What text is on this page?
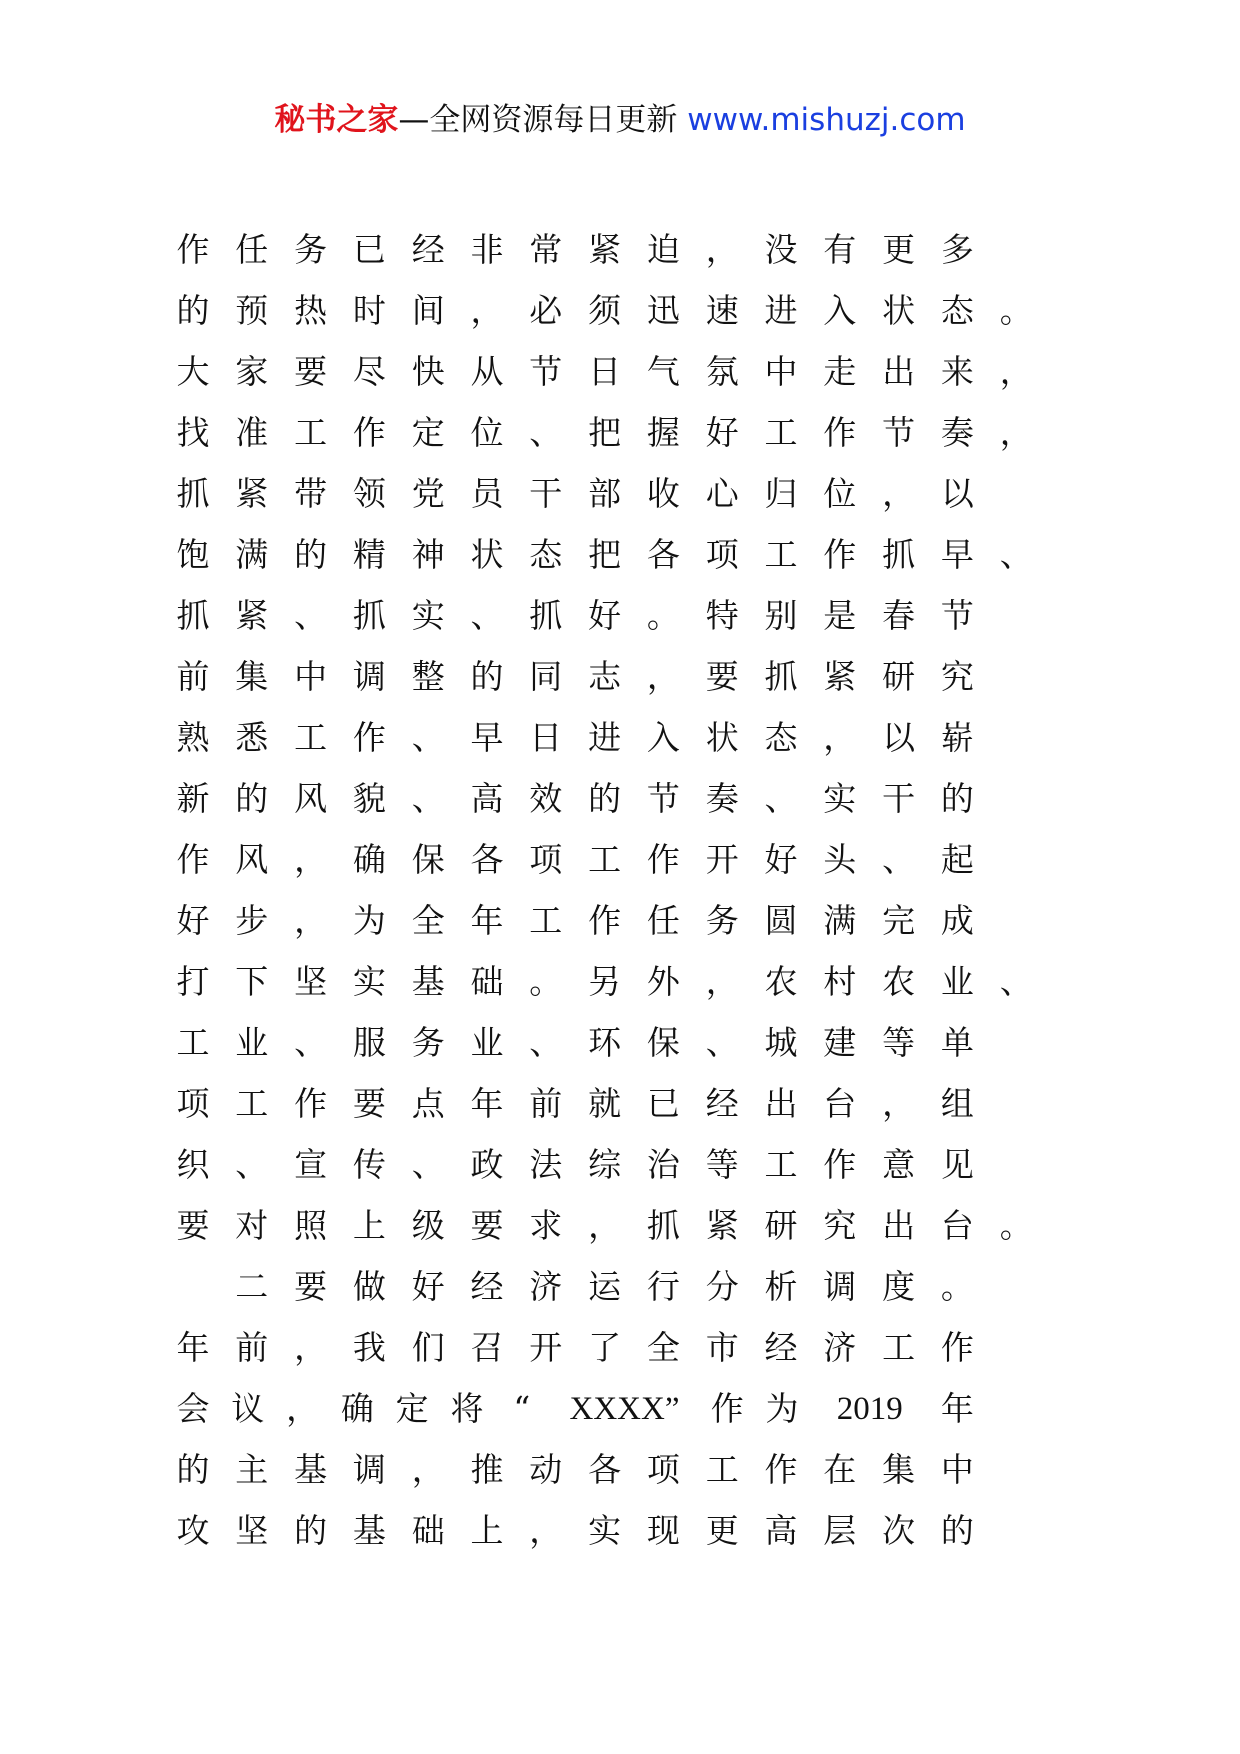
秘书之家—全网资源每日更新 www.mishuzj.com
作 任 务 已 经 非 常 紧 迫 ， 没 有 更 多
的 预 热 时 间 ， 必 须 迅 速 进 入 状 态 。
大 家 要 尽 快 从 节 日 气 氛 中 走 出 来 ，
找 准 工 作 定 位 、 把 握 好 工 作 节 奏 ，
抓 紧 带 领 党 员 干 部 收 心 归 位 ， 以
饱 满 的 精 神 状 态 把 各 项 工 作 抓 早 、
抓 紧 、 抓 实 、 抓 好 。 特 别 是 春 节
前 集 中 调 整 的 同 志 ， 要 抓 紧 研 究
熟 悉 工 作 、 早 日 进 入 状 态 ， 以 崭
新 的 风 貌 、 高 效 的 节 奏 、 实 干 的
作 风 ， 确 保 各 项 工 作 开 好 头 、 起
好 步 ， 为 全 年 工 作 任 务 圆 满 完 成
打 下 坚 实 基 础 。 另 外 ， 农 村 农 业 、
工 业 、 服 务 业 、 环 保 、 城 建 等 单
项 工 作 要 点 年 前 就 已 经 出 台 ， 组
织 、 宣 传 、 政 法 综 治 等 工 作 意 见
要 对 照 上 级 要 求 ， 抓 紧 研 究 出 台 。
二 要 做 好 经 济 运 行 分 析 调 度 。
年 前 ， 我 们 召 开 了 全 市 经 济 工 作
会 议 ， 确 定 将 “	XXXX” 作 为	2019	年
的 主 基 调 ， 推 动 各 项 工 作 在 集 中
攻 坚 的 基 础 上 ， 实 现 更 高 层 次 的
